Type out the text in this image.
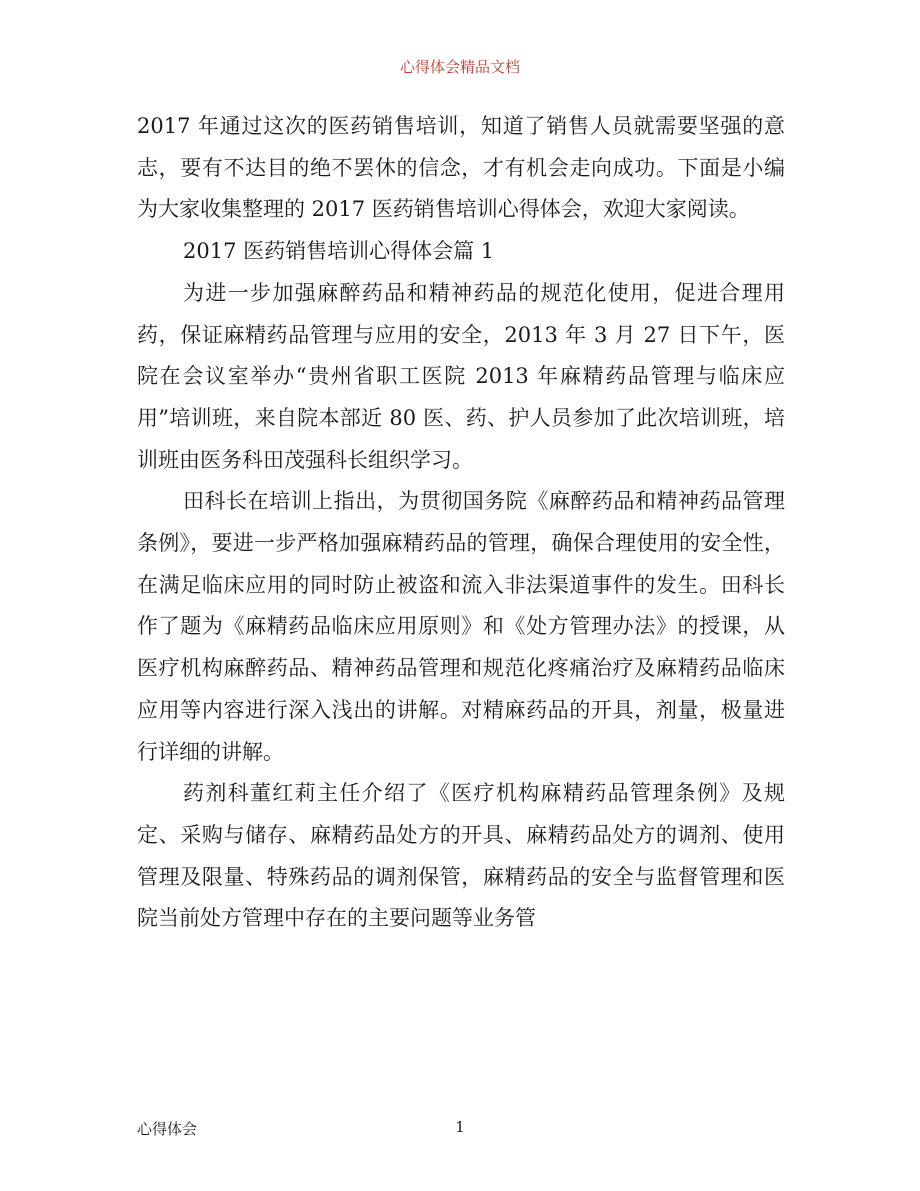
心得体会精品文档

2017 年通过这次的医药销售培训，知道了销售人员就需要坚强的意志，要有不达目的绝不罢休的信念，才有机会走向成功。下面是小编为大家收集整理的 2017 医药销售培训心得体会，欢迎大家阅读。

2017 医药销售培训心得体会篇 1

为进一步加强麻醉药品和精神药品的规范化使用，促进合理用药，保证麻精药品管理与应用的安全，2013 年 3 月 27 日下午，医院在会议室举办“贵州省职工医院 2013 年麻精药品管理与临床应用”培训班，来自院本部近 80 医、药、护人员参加了此次培训班，培训班由医务科田茂强科长组织学习。

田科长在培训上指出，为贯彻国务院《麻醉药品和精神药品管理条例》，要进一步严格加强麻精药品的管理，确保合理使用的安全性，在满足临床应用的同时防止被盗和流入非法渠道事件的发生。田科长作了题为《麻精药品临床应用原则》和《处方管理办法》的授课，从医疗机构麻醉药品、精神药品管理和规范化疼痛治疗及麻精药品临床应用等内容进行深入浅出的讲解。对精麻药品的开具，剂量，极量进行详细的讲解。

药剂科董红莉主任介绍了《医疗机构麻精药品管理条例》及规定、采购与储存、麻精药品处方的开具、麻精药品处方的调剂、使用管理及限量、特殊药品的调剂保管，麻精药品的安全与监督管理和医院当前处方管理中存在的主要问题等业务管

心得体会	1
